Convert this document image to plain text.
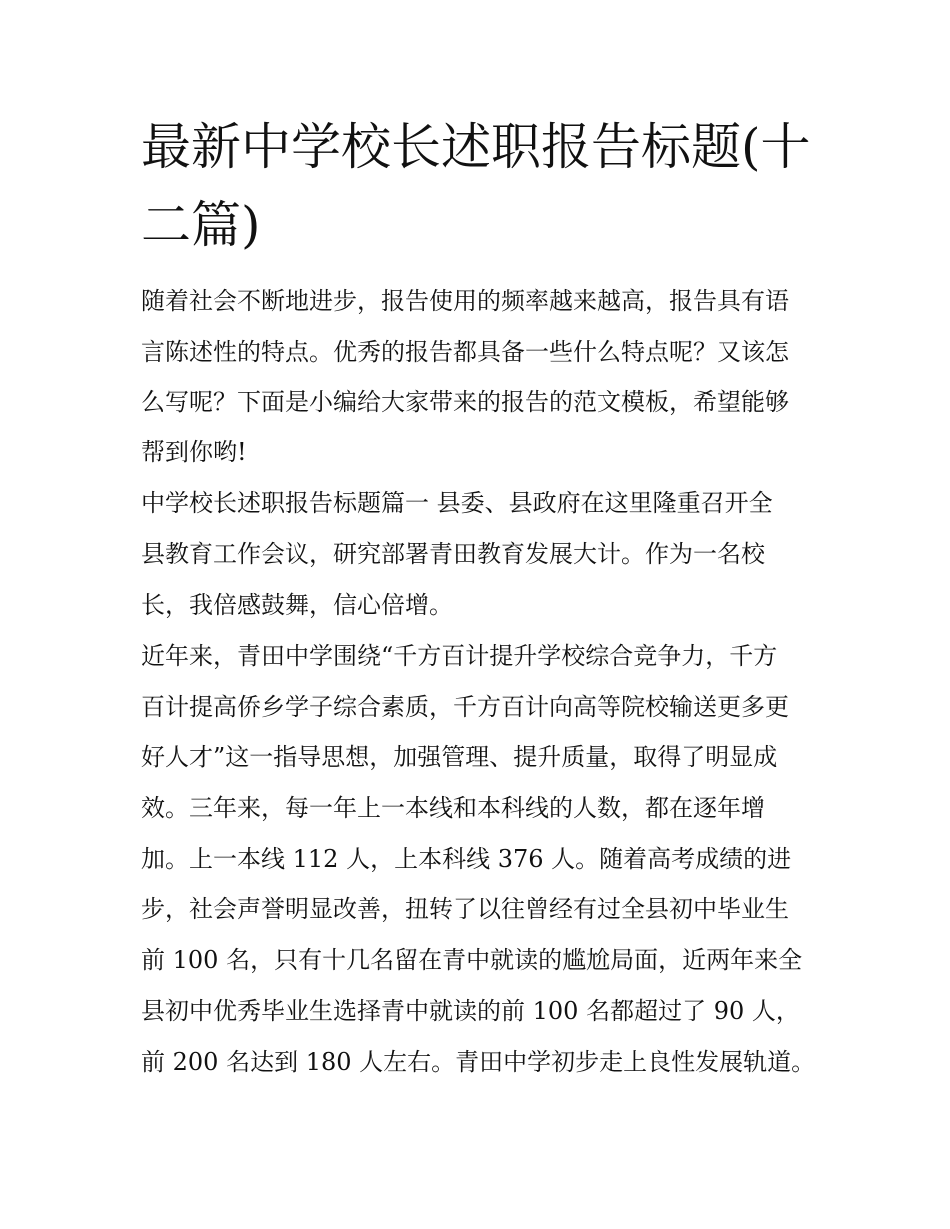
最新中学校长述职报告标题(十
二篇)
随着社会不断地进步，报告使用的频率越来越高，报告具有语
言陈述性的特点。优秀的报告都具备一些什么特点呢？又该怎
么写呢？下面是小编给大家带来的报告的范文模板，希望能够
帮到你哟!
中学校长述职报告标题篇一 县委、县政府在这里隆重召开全
县教育工作会议，研究部署青田教育发展大计。作为一名校
长，我倍感鼓舞，信心倍增。
近年来，青田中学围绕“千方百计提升学校综合竞争力，千方
百计提高侨乡学子综合素质，千方百计向高等院校输送更多更
好人才”这一指导思想，加强管理、提升质量，取得了明显成
效。三年来，每一年上一本线和本科线的人数，都在逐年增
加。上一本线 112 人，上本科线 376 人。随着高考成绩的进
步，社会声誉明显改善，扭转了以往曾经有过全县初中毕业生
前 100 名，只有十几名留在青中就读的尴尬局面，近两年来全
县初中优秀毕业生选择青中就读的前 100 名都超过了 90 人，
前 200 名达到 180 人左右。青田中学初步走上良性发展轨道。
